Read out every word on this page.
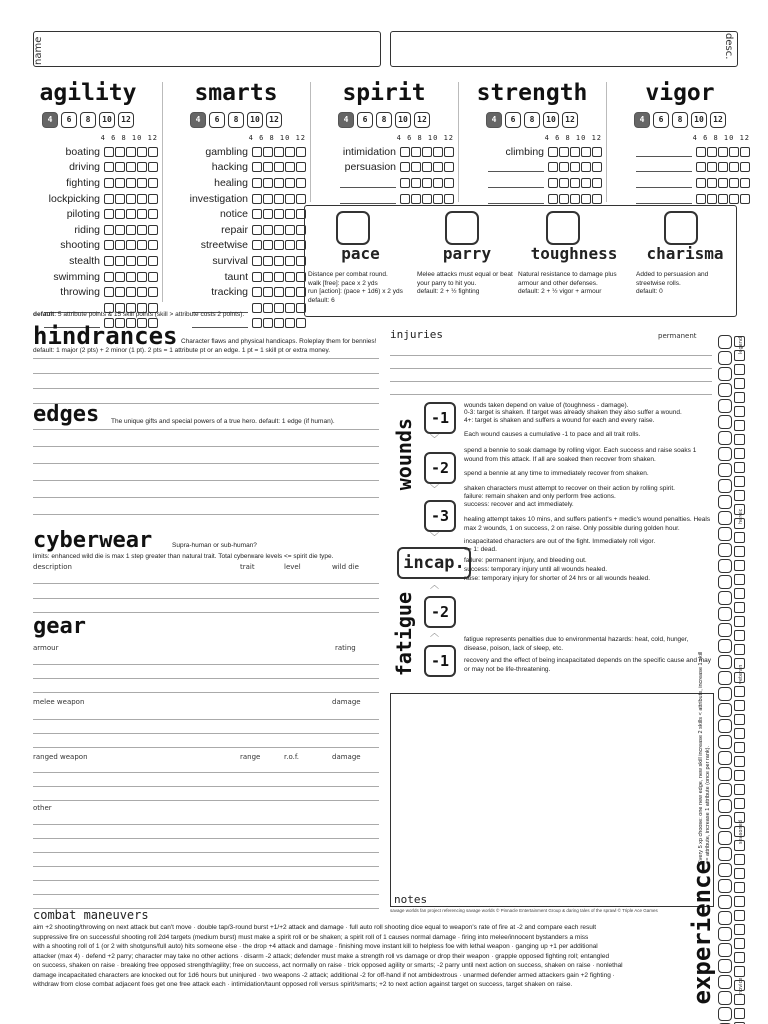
name	desc.
agility
4	6	8	10	12
4 6 8 10 12
boating
driving
fighting
lockpicking
piloting
riding
shooting
stealth
swimming
throwing
smarts
4	6	8	10	12
4 6 8 10 12
gambling
hacking
healing
investigation
notice
repair
streetwise
survival
taunt
tracking
spirit
4	6	8	10	12
4 6 8 10 12
intimidation
persuasion
strength
4	6	8	10	12
4 6 8 10 12
climbing
vigor
4	6	8	10	12
4 6 8 10 12
default: 5 attribute points & 15 skill points (skill > attribute costs 2 points).
pace
Distance per combat round.
walk [free]: pace x 2 yds
run [action]: (pace + 1d6) x 2 yds
default: 6
parry
Melee attacks must equal or beat your parry to hit you.
default: 2 + ½ fighting
toughness
Natural resistance to damage plus armour and other defenses.
default: 2 + ½ vigor + armour
charisma
Added to persuasion and streetwise rolls.
default: 0
hindrances Character flaws and physical handicaps. Roleplay them for bennies!
default: 1 major (2 pts) + 2 minor (1 pt). 2 pts = 1 attribute pt or an edge. 1 pt = 1 skill pt or extra money.
edges The unique gifts and special powers of a true hero. default: 1 edge (if human).
cyberwear	Supra-human or sub-human?
limits: enhanced wild die is max 1 step greater than natural trait. Total cyberware levels <= spirit die type.
description	trait	level	wild die
gear
armour	rating
melee weapon	damage
ranged weapon	range	r.o.f.	damage
other
injuries	permanent
wounds -1
-2
-3
﹀
﹀
﹀
incap.
︿
fatigue -2
︿
-1
wounds taken depend on value of (toughness - damage).
0-3: target is shaken. If target was already shaken they also suffer a wound.
4+: target is shaken and suffers a wound for each and every raise.
Each wound causes a cumulative -1 to pace and all trait rolls.
spend a bennie to soak damage by rolling vigor. Each success and raise soaks 1 wound from this attack. If all are soaked then recover from shaken.
spend a bennie at any time to immediately recover from shaken.
shaken characters must attempt to recover on their action by rolling spirit.
failure: remain shaken and only perform free actions.
success: recover and act immediately.
healing attempt takes 10 mins, and suffers patient's + medic's wound penalties. Heals max 2 wounds, 1 on success, 2 on raise. Only possible during golden hour.
incapacitated characters are out of the fight. Immediately roll vigor.
<= 1: dead.
failure: permanent injury, and bleeding out.
success: temporary injury until all wounds healed.
raise: temporary injury for shorter of 24 hrs or all wounds healed.
fatigue represents penalties due to environmental hazards: heat, cold, hunger, disease, poison, lack of sleep, etc.
recovery and the effect of being incapacitated depends on the specific cause and may or may not be life-threatening.
notes
savage worlds fan project referencing savage worlds © Pinnacle Entertainment Group & daring tales of the sprawl © Triple Ace Games
combat maneuvers
aim +2 shooting/throwing on next attack but can't move · double tap/3-round burst +1/+2 attack and damage · full auto roll shooting dice equal to weapon's rate of fire at -2 and compare each result
suppressive fire on successful shooting roll 2d4 targets (medium burst) must make a spirit roll or be shaken; a spirit roll of 1 causes normal damage · firing into melee/innocent bystanders a miss
with a shooting roll of 1 (or 2 with shotguns/full auto) hits someone else · the drop +4 attack and damage · finishing move instant kill to helpless foe with lethal weapon · ganging up +1 per additional
attacker (max 4) · defend +2 parry; character may take no other actions · disarm -2 attack; defender must make a strength roll vs damage or drop their weapon · grapple opposed fighting roll; entangled
on success, shaken on raise · breaking free opposed strength/agility; free on success, act normally on raise · trick opposed agility or smarts; -2 parry until next action on success, shaken on raise · nonlethal
damage incapacitated characters are knocked out for 1d6 hours but uninjured · two weapons -2 attack; additional -2 for off-hand if not ambidextrous · unarmed defender armed attackers gain +2 fighting ·
withdraw from close combat adjacent foes get one free attack each · intimidation/taunt opposed roll versus spirit/smarts; +2 to next action against target on success, target shaken on raise.	experience
Every 5 xp choose: one new edge, new skill increase 2 skills < attribute, increase 1 skill >= attribute, increase 1 attribute (once per rank).
legend
heroic
veteran
seasoned
novice
